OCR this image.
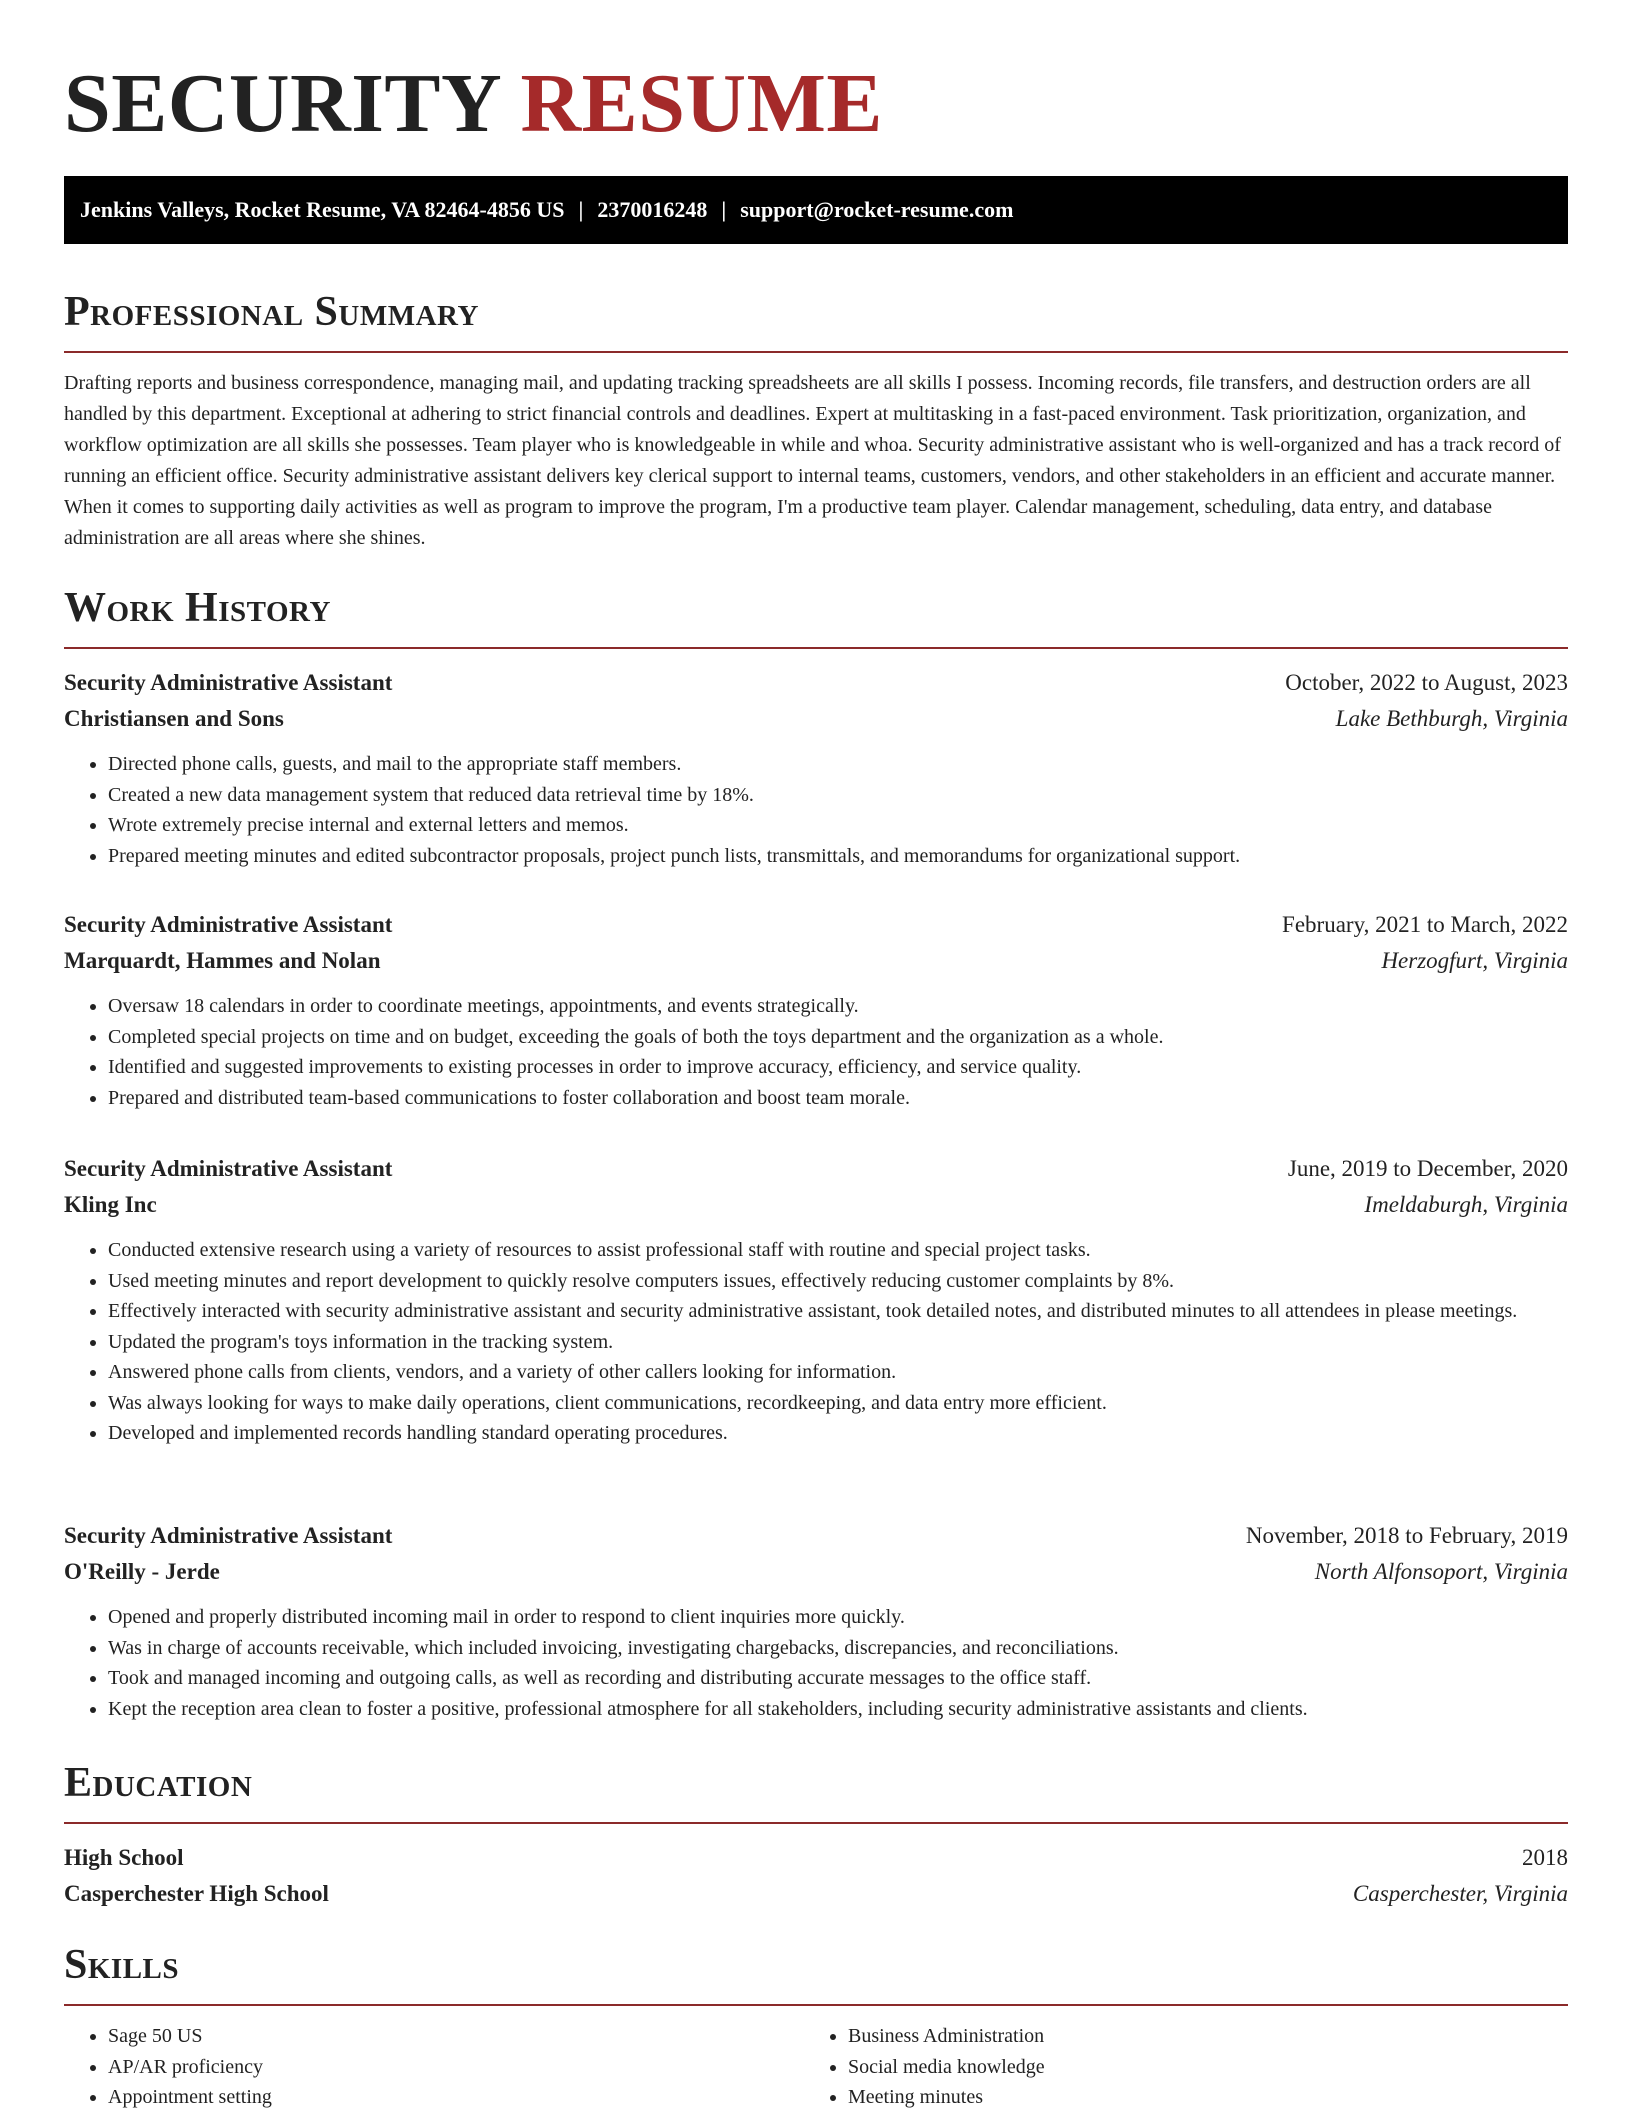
SECURITY RESUME
Jenkins Valleys, Rocket Resume, VA 82464-4856 US | 2370016248 | support@rocket-resume.com
Professional Summary

Drafting reports and business correspondence, managing mail, and updating tracking spreadsheets are all skills I possess. Incoming records, file transfers, and destruction orders are all handled by this department. Exceptional at adhering to strict financial controls and deadlines. Expert at multitasking in a fast-paced environment. Task prioritization, organization, and workflow optimization are all skills she possesses. Team player who is knowledgeable in while and whoa. Security administrative assistant who is well-organized and has a track record of running an efficient office. Security administrative assistant delivers key clerical support to internal teams, customers, vendors, and other stakeholders in an efficient and accurate manner. When it comes to supporting daily activities as well as program to improve the program, I'm a productive team player. Calendar management, scheduling, data entry, and database administration are all areas where she shines.

Work History
Security Administrative Assistant	October, 2022 to August, 2023
Christiansen and Sons	Lake Bethburgh, Virginia
• Directed phone calls, guests, and mail to the appropriate staff members.
• Created a new data management system that reduced data retrieval time by 18%.
• Wrote extremely precise internal and external letters and memos.
• Prepared meeting minutes and edited subcontractor proposals, project punch lists, transmittals, and memorandums for organizational support.
Security Administrative Assistant	February, 2021 to March, 2022
Marquardt, Hammes and Nolan	Herzogfurt, Virginia
• Oversaw 18 calendars in order to coordinate meetings, appointments, and events strategically.
• Completed special projects on time and on budget, exceeding the goals of both the toys department and the organization as a whole.
• Identified and suggested improvements to existing processes in order to improve accuracy, efficiency, and service quality.
• Prepared and distributed team-based communications to foster collaboration and boost team morale.
Security Administrative Assistant	June, 2019 to December, 2020
Kling Inc	Imeldaburgh, Virginia
• Conducted extensive research using a variety of resources to assist professional staff with routine and special project tasks.
• Used meeting minutes and report development to quickly resolve computers issues, effectively reducing customer complaints by 8%.
• Effectively interacted with security administrative assistant and security administrative assistant, took detailed notes, and distributed minutes to all attendees in please meetings.
• Updated the program's toys information in the tracking system.
• Answered phone calls from clients, vendors, and a variety of other callers looking for information.
• Was always looking for ways to make daily operations, client communications, recordkeeping, and data entry more efficient.
• Developed and implemented records handling standard operating procedures.
Security Administrative Assistant	November, 2018 to February, 2019
O'Reilly - Jerde	North Alfonsoport, Virginia
• Opened and properly distributed incoming mail in order to respond to client inquiries more quickly.
• Was in charge of accounts receivable, which included invoicing, investigating chargebacks, discrepancies, and reconciliations.
• Took and managed incoming and outgoing calls, as well as recording and distributing accurate messages to the office staff.
• Kept the reception area clean to foster a positive, professional atmosphere for all stakeholders, including security administrative assistants and clients.
Education
High School	2018
Casperchester High School	Casperchester, Virginia
Skills
• Sage 50 US
• AP/AR proficiency
• Appointment setting
• Business Administration
• Social media knowledge
• Meeting minutes
